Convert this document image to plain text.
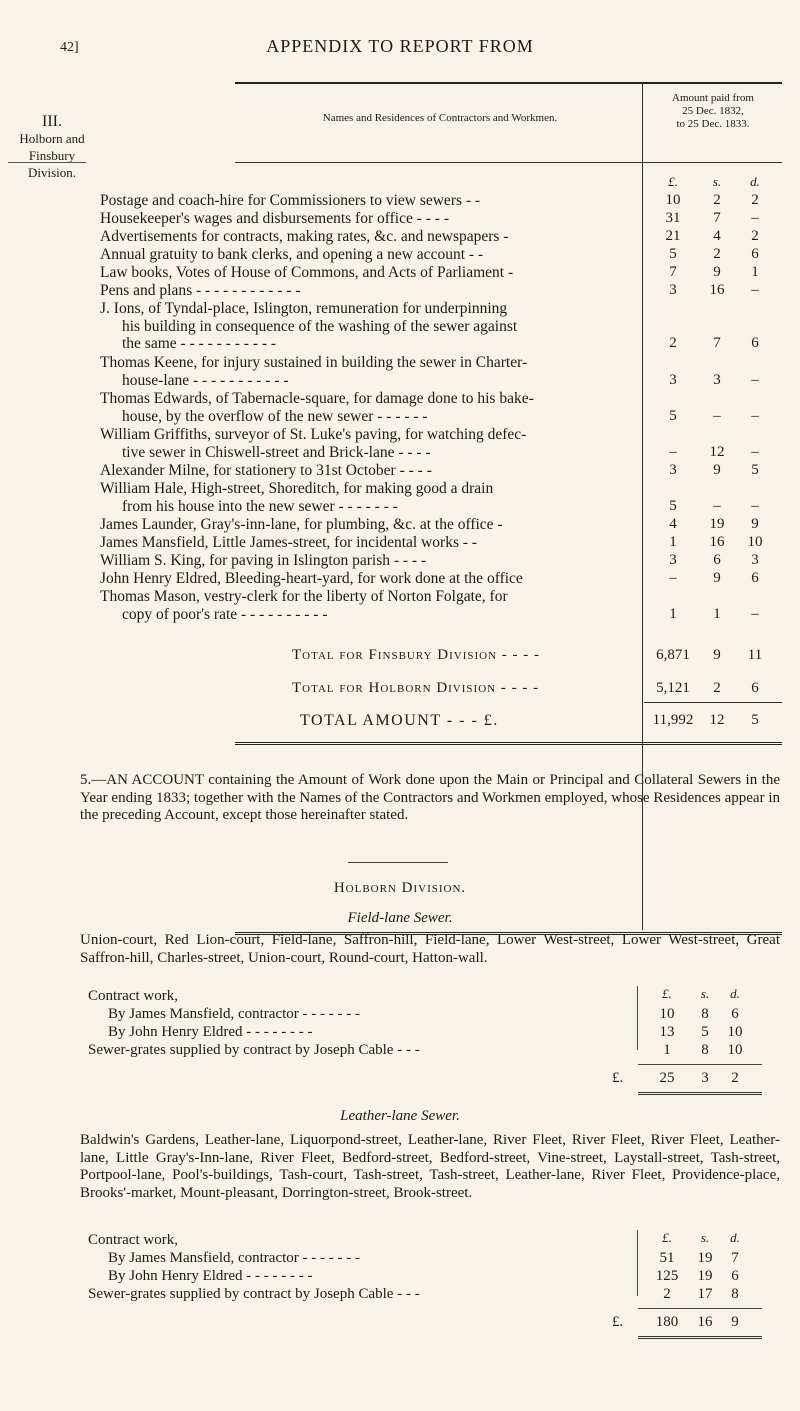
42]	APPENDIX TO REPORT FROM
III.
Holborn and
Finsbury Division.
Names and Residences of Contractors and Workmen.
Amount paid from
25 Dec. 1832,
to 25 Dec. 1833.
£.	s.	d.
Postage and coach-hire for Commissioners to view sewers - -	10	2	2
Housekeeper's wages and disbursements for office - - - -	31	7	–
Advertisements for contracts, making rates, &c. and newspapers -	21	4	2
Annual gratuity to bank clerks, and opening a new account - -	5	2	6
Law books, Votes of House of Commons, and Acts of Parliament -	7	9	1
Pens and plans - - - - - - - - - - - -	3	16	–
J. Ions, of Tyndal-place, Islington, remuneration for underpinning
his building in consequence of the washing of the sewer against
the same - - - - - - - - - - -	2	7	6
Thomas Keene, for injury sustained in building the sewer in Charter-
house-lane - - - - - - - - - - -	3	3	–
Thomas Edwards, of Tabernacle-square, for damage done to his bake-
house, by the overflow of the new sewer - - - - - -	5	–	–
William Griffiths, surveyor of St. Luke's paving, for watching defec-
tive sewer in Chiswell-street and Brick-lane - - - -	–	12	–
Alexander Milne, for stationery to 31st October - - - -	3	9	5
William Hale, High-street, Shoreditch, for making good a drain
from his house into the new sewer - - - - - - -	5	–	–
James Launder, Gray's-inn-lane, for plumbing, &c. at the office -	4	19	9
James Mansfield, Little James-street, for incidental works - -	1	16	10
William S. King, for paving in Islington parish - - - -	3	6	3
John Henry Eldred, Bleeding-heart-yard, for work done at the office	–	9	6
Thomas Mason, vestry-clerk for the liberty of Norton Folgate, for
copy of poor's rate - - - - - - - - - -	1	1	–
Total for Finsbury Division - - - -	6,871	9	11
Total for Holborn Division - - - -	5,121	2	6
TOTAL AMOUNT - - - £.	11,992	12	5
5.—AN ACCOUNT containing the Amount of Work done upon the Main or Principal and Collateral Sewers in the Year ending 1833; together with the Names of the Contractors and Workmen employed, whose Residences appear in the preceding Account, except those hereinafter stated.
Holborn Division.
Field-lane Sewer.
Union-court, Red Lion-court, Field-lane, Saffron-hill, Field-lane, Lower West-street, Lower West-street, Great Saffron-hill, Charles-street, Union-court, Round-court, Hatton-wall.
Contract work,	£.	s.	d.
By James Mansfield, contractor - - - - - - -	10	8	6
By John Henry Eldred - - - - - - - -	13	5	10
Sewer-grates supplied by contract by Joseph Cable - - -	1	8	10
£.	25	3	2
Leather-lane Sewer.
Baldwin's Gardens, Leather-lane, Liquorpond-street, Leather-lane, River Fleet, River Fleet, River Fleet, Leather-lane, Little Gray's-Inn-lane, River Fleet, Bedford-street, Bedford-street, Vine-street, Laystall-street, Tash-street, Portpool-lane, Pool's-buildings, Tash-court, Tash-street, Tash-street, Leather-lane, River Fleet, Providence-place, Brooks'-market, Mount-pleasant, Dorrington-street, Brook-street.
Contract work,	£.	s.	d.
By James Mansfield, contractor - - - - - - -	51	19	7
By John Henry Eldred - - - - - - - -	125	19	6
Sewer-grates supplied by contract by Joseph Cable - - -	2	17	8
£.	180	16	9
